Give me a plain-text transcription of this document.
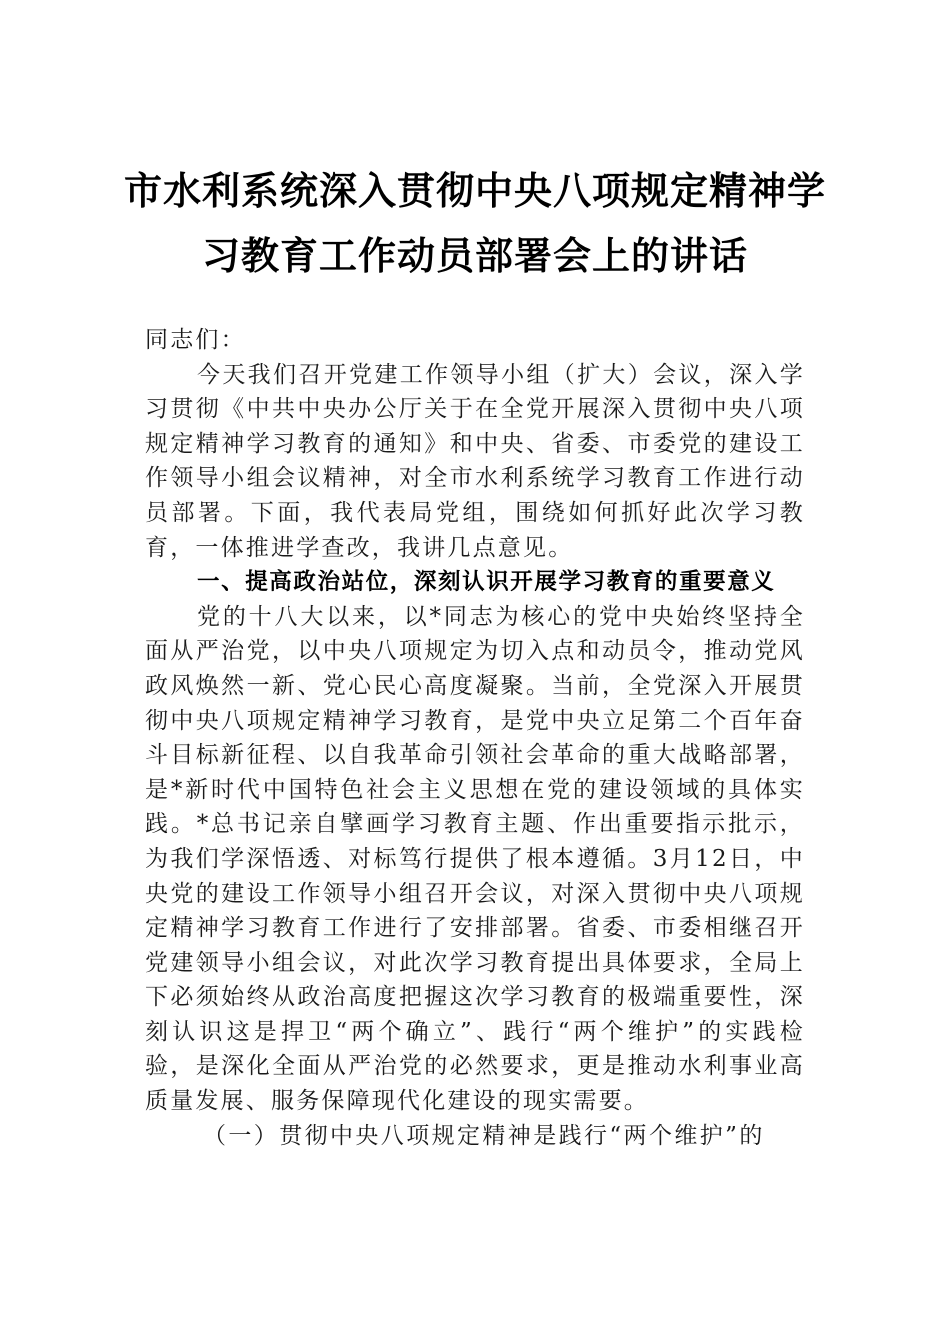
市水利系统深入贯彻中央八项规定精神学
习教育工作动员部署会上的讲话

同志们：

今天我们召开党建工作领导小组（扩大）会议，深入学习贯彻《中共中央办公厅关于在全党开展深入贯彻中央八项规定精神学习教育的通知》和中央、省委、市委党的建设工作领导小组会议精神，对全市水利系统学习教育工作进行动员部署。下面，我代表局党组，围绕如何抓好此次学习教育，一体推进学查改，我讲几点意见。

一、提高政治站位，深刻认识开展学习教育的重要意义

党的十八大以来，以*同志为核心的党中央始终坚持全面从严治党，以中央八项规定为切入点和动员令，推动党风政风焕然一新、党心民心高度凝聚。当前，全党深入开展贯彻中央八项规定精神学习教育，是党中央立足第二个百年奋斗目标新征程、以自我革命引领社会革命的重大战略部署，是*新时代中国特色社会主义思想在党的建设领域的具体实践。*总书记亲自擘画学习教育主题、作出重要指示批示，为我们学深悟透、对标笃行提供了根本遵循。3月12日，中央党的建设工作领导小组召开会议，对深入贯彻中央八项规定精神学习教育工作进行了安排部署。省委、市委相继召开党建领导小组会议，对此次学习教育提出具体要求，全局上下必须始终从政治高度把握这次学习教育的极端重要性，深刻认识这是捍卫“两个确立”、践行“两个维护”的实践检验，是深化全面从严治党的必然要求，更是推动水利事业高质量发展、服务保障现代化建设的现实需要。

（一）贯彻中央八项规定精神是践行“两个维护”的
